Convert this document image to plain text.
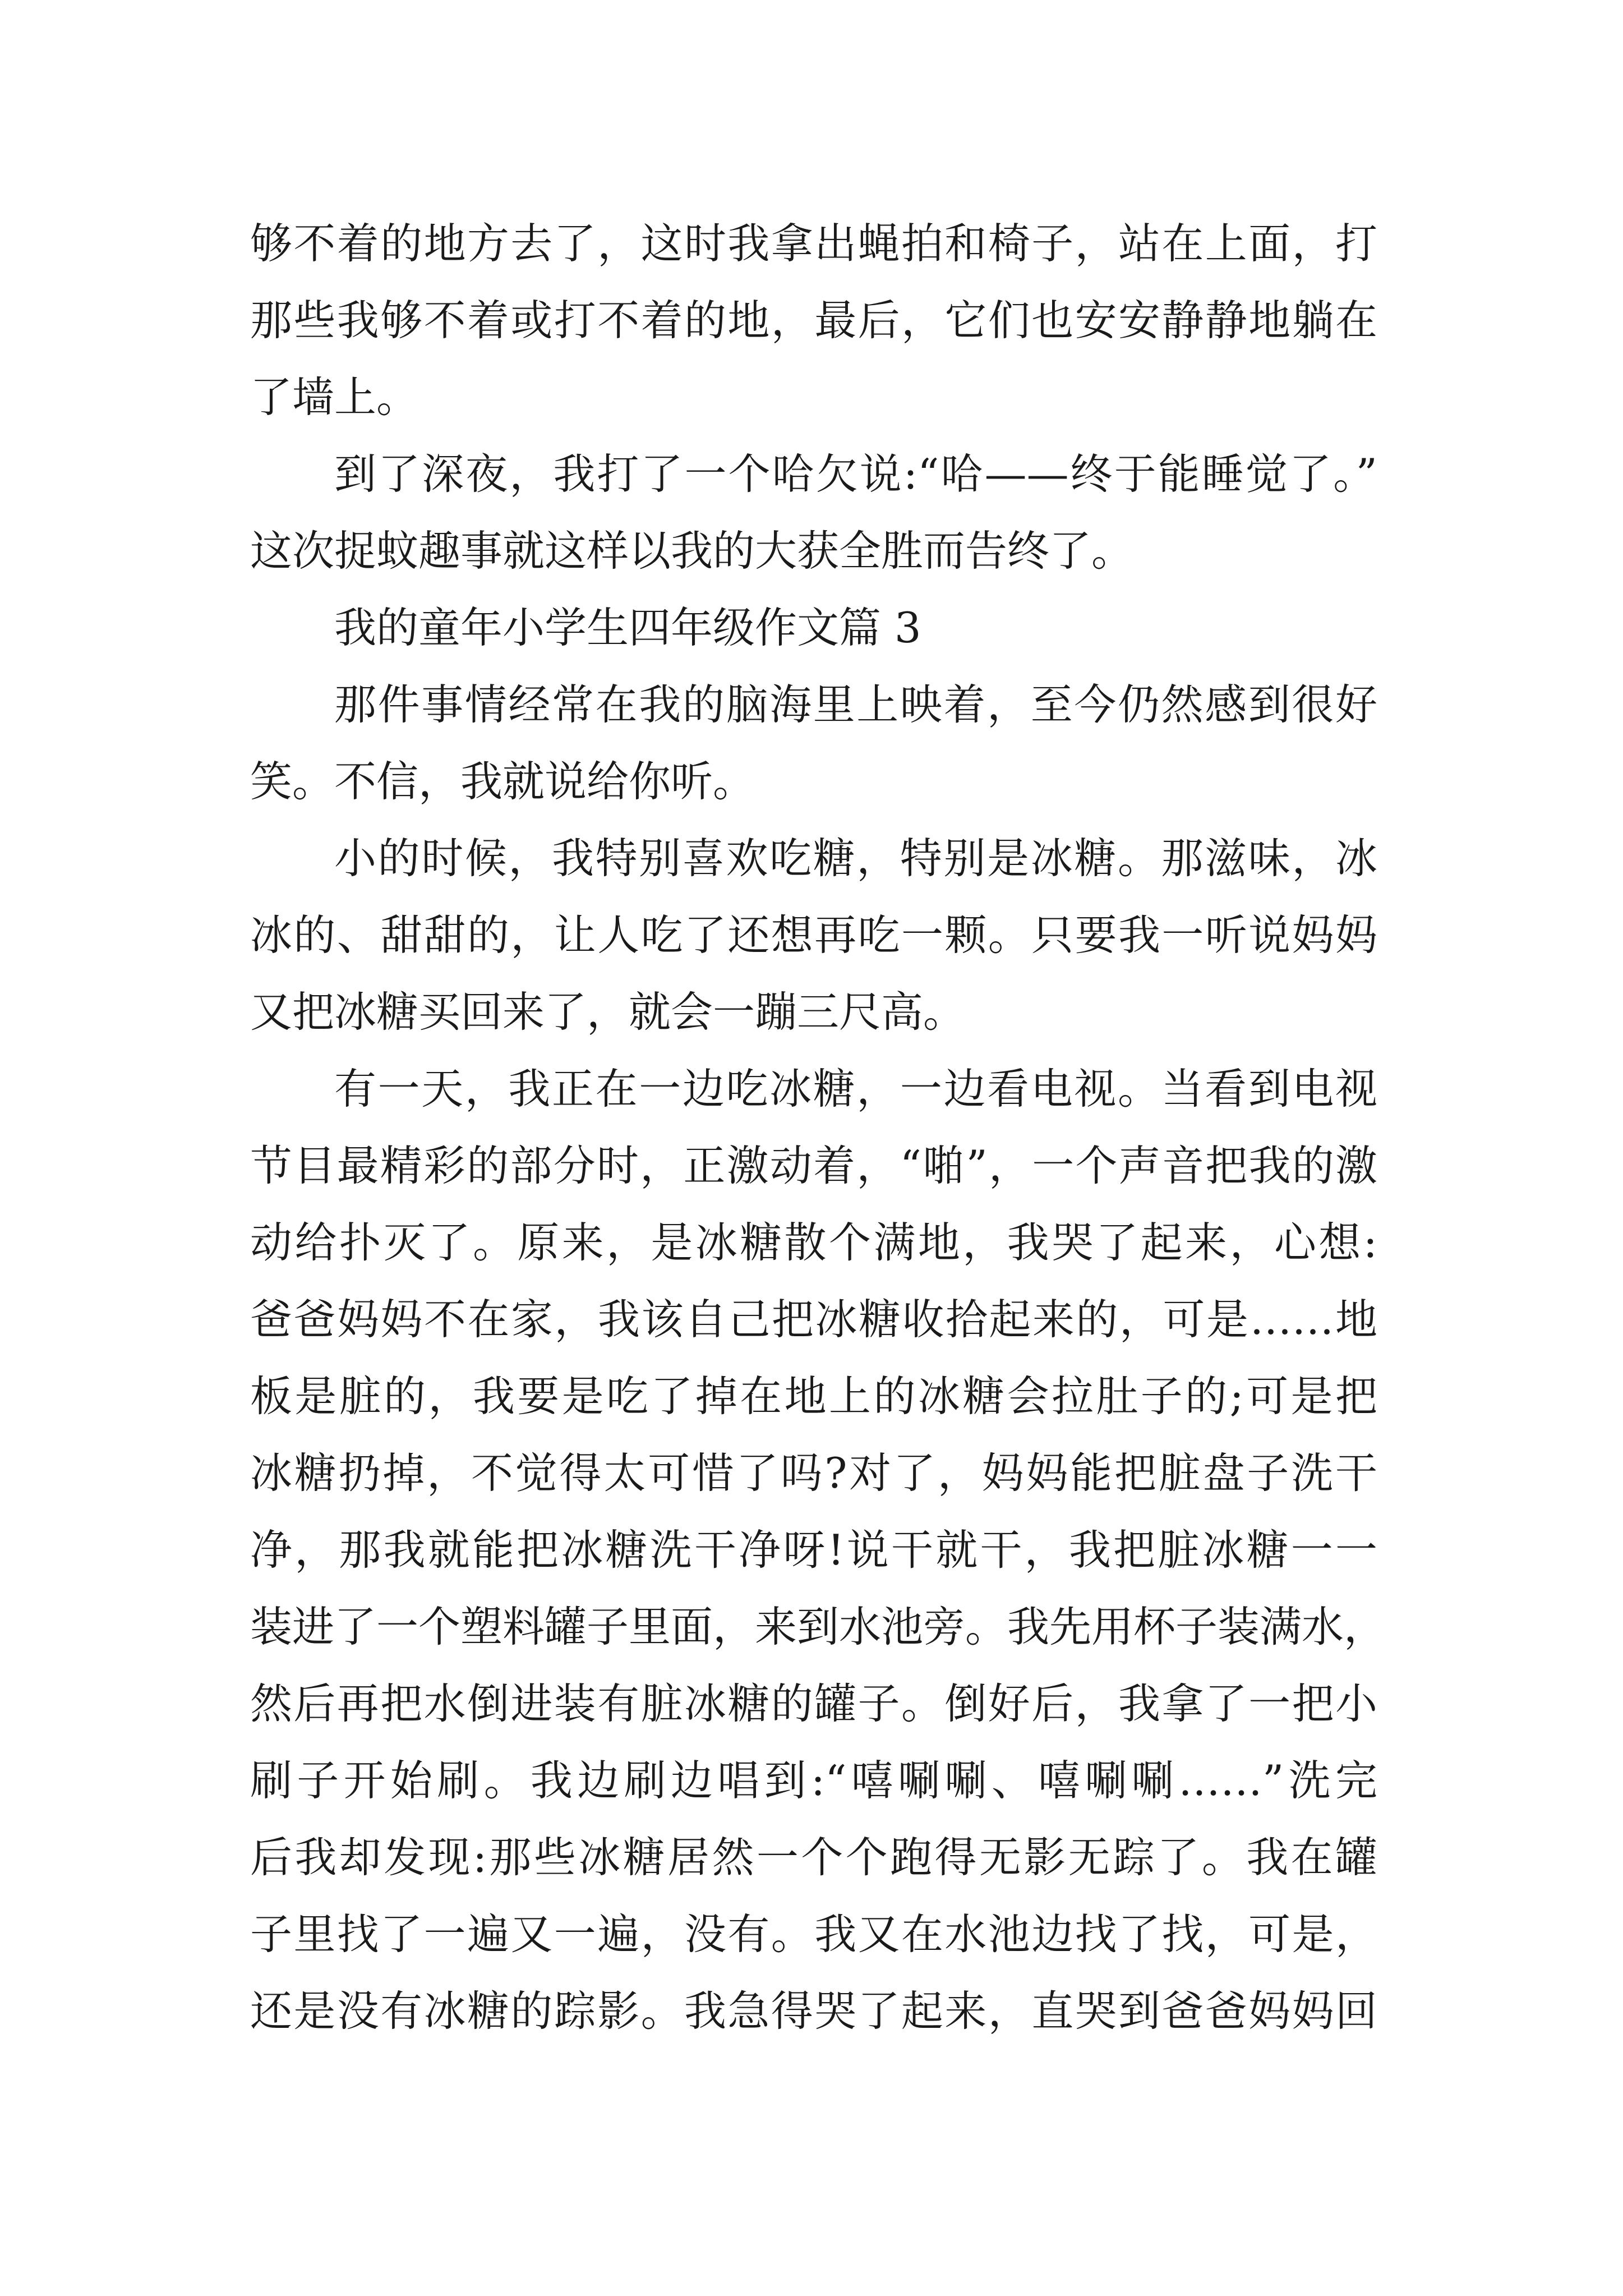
够不着的地方去了，这时我拿出蝇拍和椅子，站在上面，打
那些我够不着或打不着的地，最后，它们也安安静静地躺在
了墙上。
到了深夜，我打了一个哈欠说:“哈——终于能睡觉了。”
这次捉蚊趣事就这样以我的大获全胜而告终了。
我的童年小学生四年级作文篇 3
那件事情经常在我的脑海里上映着，至今仍然感到很好
笑。不信，我就说给你听。
小的时候，我特别喜欢吃糖，特别是冰糖。那滋味，冰
冰的、甜甜的，让人吃了还想再吃一颗。只要我一听说妈妈
又把冰糖买回来了，就会一蹦三尺高。
有一天，我正在一边吃冰糖，一边看电视。当看到电视
节目最精彩的部分时，正激动着，“啪”，一个声音把我的激
动给扑灭了。原来，是冰糖散个满地，我哭了起来，心想:
爸爸妈妈不在家，我该自己把冰糖收拾起来的，可是……地
板是脏的，我要是吃了掉在地上的冰糖会拉肚子的;可是把
冰糖扔掉，不觉得太可惜了吗?对了，妈妈能把脏盘子洗干
净，那我就能把冰糖洗干净呀!说干就干，我把脏冰糖一一
装进了一个塑料罐子里面，来到水池旁。我先用杯子装满水，
然后再把水倒进装有脏冰糖的罐子。倒好后，我拿了一把小
刷子开始刷。我边刷边唱到:“嘻唰唰、嘻唰唰……”洗完
后我却发现:那些冰糖居然一个个跑得无影无踪了。我在罐
子里找了一遍又一遍，没有。我又在水池边找了找，可是，
还是没有冰糖的踪影。我急得哭了起来，直哭到爸爸妈妈回
